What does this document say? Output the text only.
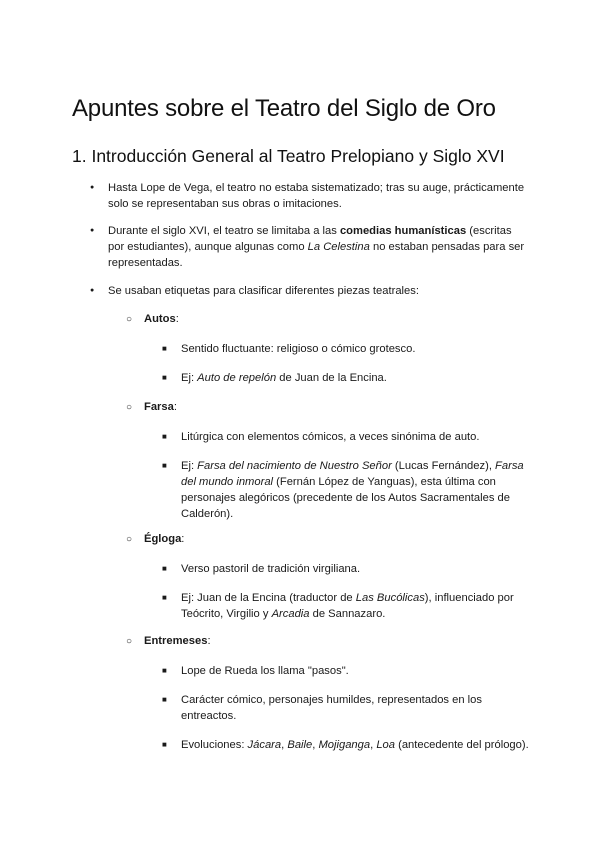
Apuntes sobre el Teatro del Siglo de Oro
1. Introducción General al Teatro Prelopiano y Siglo XVI
●

Hasta Lope de Vega, el teatro no estaba sistematizado; tras su auge, prácticamente solo se representaban sus obras o imitaciones.

●

Durante el siglo XVI, el teatro se limitaba a las comedias humanísticas (escritas por estudiantes), aunque algunas como La Celestina no estaban pensadas para ser representadas.

●

Se usaban etiquetas para clasificar diferentes piezas teatrales:

○

Autos:

■

Sentido fluctuante: religioso o cómico grotesco.

■

Ej: Auto de repelón de Juan de la Encina.

○

Farsa:

■

Litúrgica con elementos cómicos, a veces sinónima de auto.

■

Ej: Farsa del nacimiento de Nuestro Señor (Lucas Fernández), Farsa del mundo inmoral (Fernán López de Yanguas), esta última con personajes alegóricos (precedente de los Autos Sacramentales de Calderón).

○

Égloga:

■

Verso pastoril de tradición virgiliana.

■

Ej: Juan de la Encina (traductor de Las Bucólicas), influenciado por Teócrito, Virgilio y Arcadia de Sannazaro.

○

Entremeses:

■

Lope de Rueda los llama "pasos".

■

Carácter cómico, personajes humildes, representados en los entreactos.

■

Evoluciones: Jácara, Baile, Mojiganga, Loa (antecedente del prólogo).
